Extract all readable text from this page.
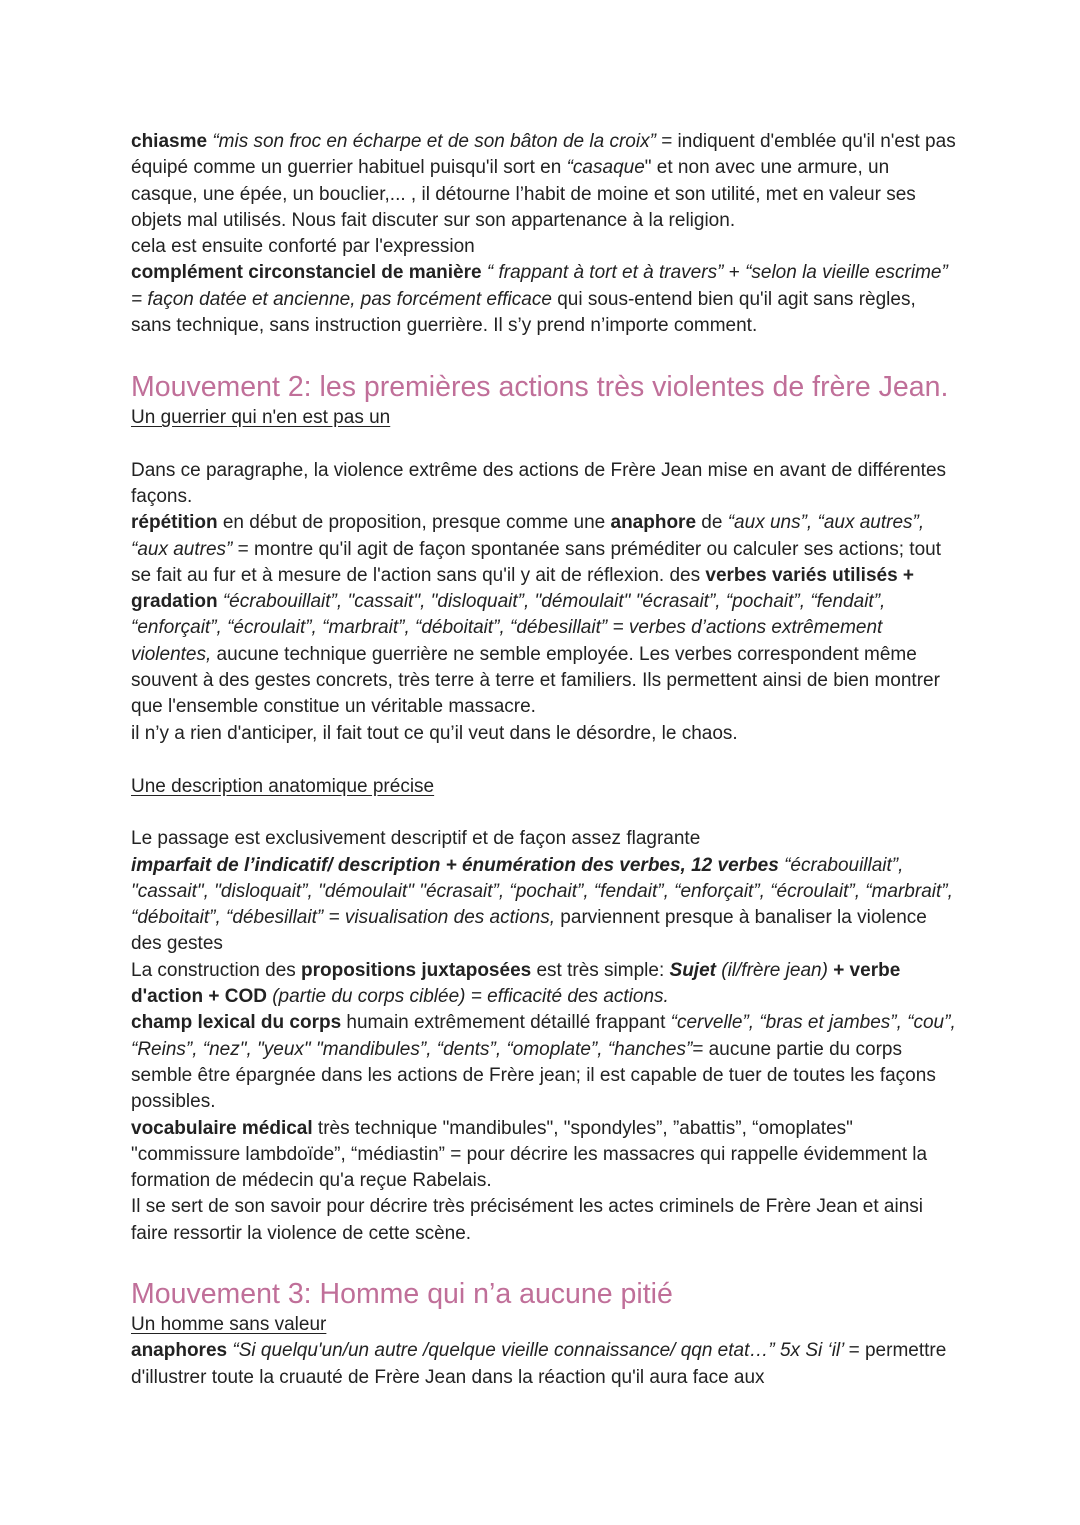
chiasme “mis son froc en écharpe et de son bâton de la croix” = indiquent d'emblée qu'il n'est pas équipé comme un guerrier habituel puisqu'il sort en “casaque" et non avec une armure, un casque, une épée, un bouclier,... , il détourne l’habit de moine et son utilité, met en valeur ses objets mal utilisés. Nous fait discuter sur son appartenance à la religion.
cela est ensuite conforté par l'expression
complément circonstanciel de manière “ frappant à tort et à travers” + “selon la vieille escrime” = façon datée et ancienne, pas forcément efficace qui sous-entend bien qu'il agit sans règles, sans technique, sans instruction guerrière. Il s’y prend n’importe comment.

Mouvement 2: les premières actions très violentes de frère Jean.

Un guerrier qui n'en est pas un

Dans ce paragraphe, la violence extrême des actions de Frère Jean mise en avant de différentes façons.
répétition en début de proposition, presque comme une anaphore de “aux uns”, “aux autres”, “aux autres” = montre qu'il agit de façon spontanée sans préméditer ou calculer ses actions; tout se fait au fur et à mesure de l'action sans qu'il y ait de réflexion. des verbes variés utilisés + gradation “écrabouillait”, "cassait", "disloquait”, "démoulait" "écrasait”, “pochait”, “fendait”, “enforçait”, “écroulait”, “marbrait”, “déboitait”, “débesillait” = verbes d’actions extrêmement violentes, aucune technique guerrière ne semble employée. Les verbes correspondent même souvent à des gestes concrets, très terre à terre et familiers. Ils permettent ainsi de bien montrer que l'ensemble constitue un véritable massacre.
il n’y a rien d'anticiper, il fait tout ce qu’il veut dans le désordre, le chaos.

Une description anatomique précise

Le passage est exclusivement descriptif et de façon assez flagrante
imparfait de l’indicatif/ description + énumération des verbes, 12 verbes “écrabouillait”, "cassait", "disloquait”, "démoulait" "écrasait”, “pochait”, “fendait”, “enforçait”, “écroulait”, “marbrait”, “déboitait”, “débesillait” = visualisation des actions, parviennent presque à banaliser la violence des gestes
La construction des propositions juxtaposées est très simple: Sujet (il/frère jean) + verbe d'action + COD (partie du corps ciblée) = efficacité des actions.
champ lexical du corps humain extrêmement détaillé frappant “cervelle”, “bras et jambes”, “cou”, “Reins”, “nez", "yeux" "mandibules”, “dents”, “omoplate”, “hanches”= aucune partie du corps semble être épargnée dans les actions de Frère jean; il est capable de tuer de toutes les façons possibles.
vocabulaire médical très technique "mandibules", "spondyles”, ”abattis”, “omoplates" "commissure lambdoïde”, “médiastin” = pour décrire les massacres qui rappelle évidemment la formation de médecin qu'a reçue Rabelais.
Il se sert de son savoir pour décrire très précisément les actes criminels de Frère Jean et ainsi faire ressortir la violence de cette scène.

Mouvement 3: Homme qui n’a aucune pitié

Un homme sans valeur

anaphores “Si quelqu'un/un autre /quelque vieille connaissance/ qqn etat…” 5x Si ‘il’ = permettre d'illustrer toute la cruauté de Frère Jean dans la réaction qu'il aura face aux
